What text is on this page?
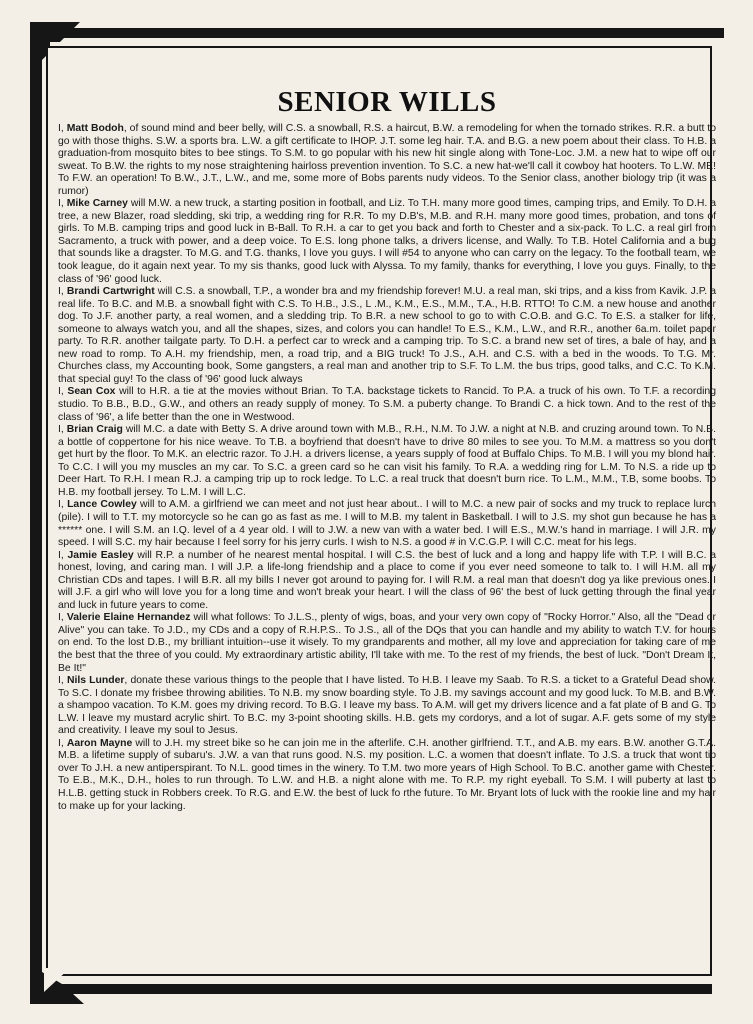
SENIOR WILLS

I, Matt Bodoh, of sound mind and beer belly, will C.S. a snowball, R.S. a haircut, B.W. a remodeling for when the tornado strikes. R.R. a butt to go with those thighs. S.W. a sports bra. L.W. a gift certificate to IHOP. J.T. some leg hair. T.A. and B.G. a new poem about their class. To H.B. a graduation-from mosquito bites to bee stings. To S.M. to go popular with his new hit single along with Tone-Loc. J.M. a new hat to wipe off our sweat. To B.W. the rights to my nose straightening hairloss prevention invention. To S.C. a new hat-we'll call it cowboy hat hooters. To L.W. ME! To F.W. an operation! To B.W., J.T., L.W., and me, some more of Bobs parents nudy videos. To the Senior class, another biology trip (it was a rumor)

I, Mike Carney will M.W. a new truck, a starting position in football, and Liz. To T.H. many more good times, camping trips, and Emily. To D.H. a tree, a new Blazer, road sledding, ski trip, a wedding ring for R.R. To my D.B's, M.B. and R.H. many more good times, probation, and tons of girls. To M.B. camping trips and good luck in B-Ball. To R.H. a car to get you back and forth to Chester and a six-pack. To L.C. a real girl from Sacramento, a truck with power, and a deep voice. To E.S. long phone talks, a drivers license, and Wally. To T.B. Hotel California and a bug that sounds like a dragster. To M.G. and T.G. thanks, I love you guys. I will #54 to anyone who can carry on the legacy. To the football team, we took league, do it again next year. To my sis thanks, good luck with Alyssa. To my family, thanks for everything, I love you guys. Finally, to the class of '96' good luck.

I, Brandi Cartwright will C.S. a snowball, T.P., a wonder bra and my friendship forever! M.U. a real man, ski trips, and a kiss from Kavik. J.P. a real life. To B.C. and M.B. a snowball fight with C.S. To H.B., J.S., L .M., K.M., E.S., M.M., T.A., H.B. RTTO! To C.M. a new house and another dog. To J.F. another party, a real women, and a sledding trip. To B.R. a new school to go to with C.O.B. and G.C. To E.S. a stalker for life, someone to always watch you, and all the shapes, sizes, and colors you can handle! To E.S., K.M., L.W., and R.R., another 6a.m. toilet paper party. To R.R. another tailgate party. To D.H. a perfect car to wreck and a camping trip. To S.C. a brand new set of tires, a bale of hay, and a new road to romp. To A.H. my friendship, men, a road trip, and a BIG truck! To J.S., A.H. and C.S. with a bed in the woods. To T.G. Mr. Churches class, my Accounting book, Some gangsters, a real man and another trip to S.F. To L.M. the bus trips, good talks, and C.C. To K.M. that special guy! To the class of '96' good luck always

I, Sean Cox will to H.R. a tie at the movies without Brian. To T.A. backstage tickets to Rancid. To P.A. a truck of his own. To T.F. a recording studio. To B.B., B.D., G.W., and others an ready supply of money. To S.M. a puberty change. To Brandi C. a hick town. And to the rest of the class of '96', a life better than the one in Westwood.

I, Brian Craig will M.C. a date with Betty S. A drive around town with M.B., R.H., N.M. To J.W. a night at N.B. and cruzing around town. To N.B. a bottle of coppertone for his nice weave. To T.B. a boyfriend that doesn't have to drive 80 miles to see you. To M.M. a mattress so you don't get hurt by the floor. To M.K. an electric razor. To J.H. a drivers license, a years supply of food at Buffalo Chips. To M.B. I will you my blond hair. To C.C. I will you my muscles an my car. To S.C. a green card so he can visit his family. To R.A. a wedding ring for L.M. To N.S. a ride up to Deer Hart. To R.H. I mean R.J. a camping trip up to rock ledge. To L.C. a real truck that doesn't burn rice. To L.M., M.M., T.B, some boobs. To H.B. my football jersey. To L.M. I will L.C.

I, Lance Cowley will to A.M. a girlfriend we can meet and not just hear about.. I will to M.C. a new pair of socks and my truck to replace lurch (pile). I will to T.T. my motorcycle so he can go as fast as me. I will to M.B. my talent in Basketball. I will to J.S. my shot gun because he has a ****** one. I will S.M. an I.Q. level of a 4 year old. I will to J.W. a new van with a water bed. I will E.S., M.W.'s hand in marriage. I will J.R. my speed. I will S.C. my hair because I feel sorry for his jerry curls. I wish to N.S. a good # in V.C.G.P. I will C.C. meat for his legs.

I, Jamie Easley will R.P. a number of he nearest mental hospital. I will C.S. the best of luck and a long and happy life with T.P. I will B.C. a honest, loving, and caring man. I will J.P. a life-long friendship and a place to come if you ever need someone to talk to. I will H.M. all my Christian CDs and tapes. I will B.R. all my bills I never got around to paying for. I will R.M. a real man that doesn't dog ya like previous ones. I will J.F. a girl who will love you for a long time and won't break your heart. I will the class of 96' the best of luck getting through the final year and luck in future years to come.

I, Valerie Elaine Hernandez will what follows: To J.L.S., plenty of wigs, boas, and your very own copy of "Rocky Horror." Also, all the "Dead or Alive" you can take. To J.D., my CDs and a copy of R.H.P.S.. To J.S., all of the DQs that you can handle and my ability to watch T.V. for hours on end. To the lost D.B., my brilliant intuition--use it wisely. To my grandparents and mother, all my love and appreciation for taking care of me the best that the three of you could. My extraordinary artistic ability, I'll take with me. To the rest of my friends, the best of luck. "Don't Dream It, Be It!"

I, Nils Lunder, donate these various things to the people that I have listed. To H.B. I leave my Saab. To R.S. a ticket to a Grateful Dead show. To S.C. I donate my frisbee throwing abilities. To N.B. my snow boarding style. To J.B. my savings account and my good luck. To M.B. and B.W. a shampoo vacation. To K.M. goes my driving record. To B.G. I leave my bass. To A.M. will get my drivers licence and a fat plate of B and G. To L.W. I leave my mustard acrylic shirt. To B.C. my 3-point shooting skills. H.B. gets my cordorys, and a lot of sugar. A.F. gets some of my style and creativity. I leave my soul to Jesus.

I, Aaron Mayne will to J.H. my street bike so he can join me in the afterlife. C.H. another girlfriend. T.T., and A.B. my ears. B.W. another G.T.A. M.B. a lifetime supply of subaru's. J.W. a van that runs good. N.S. my position. L.C. a women that doesn't inflate. To J.S. a truck that wont tip over To J.H. a new antiperspirant. To N.L. good times in the winery. To T.M. two more years of High School. To B.C. another game with Chester. To E.B., M.K., D.H., holes to run through. To L.W. and H.B. a night alone with me. To R.P. my right eyeball. To S.M. I will puberty at last to H.L.B. getting stuck in Robbers creek. To R.G. and E.W. the best of luck fo rthe future. To Mr. Bryant lots of luck with the rookie line and my hair to make up for your lacking.
